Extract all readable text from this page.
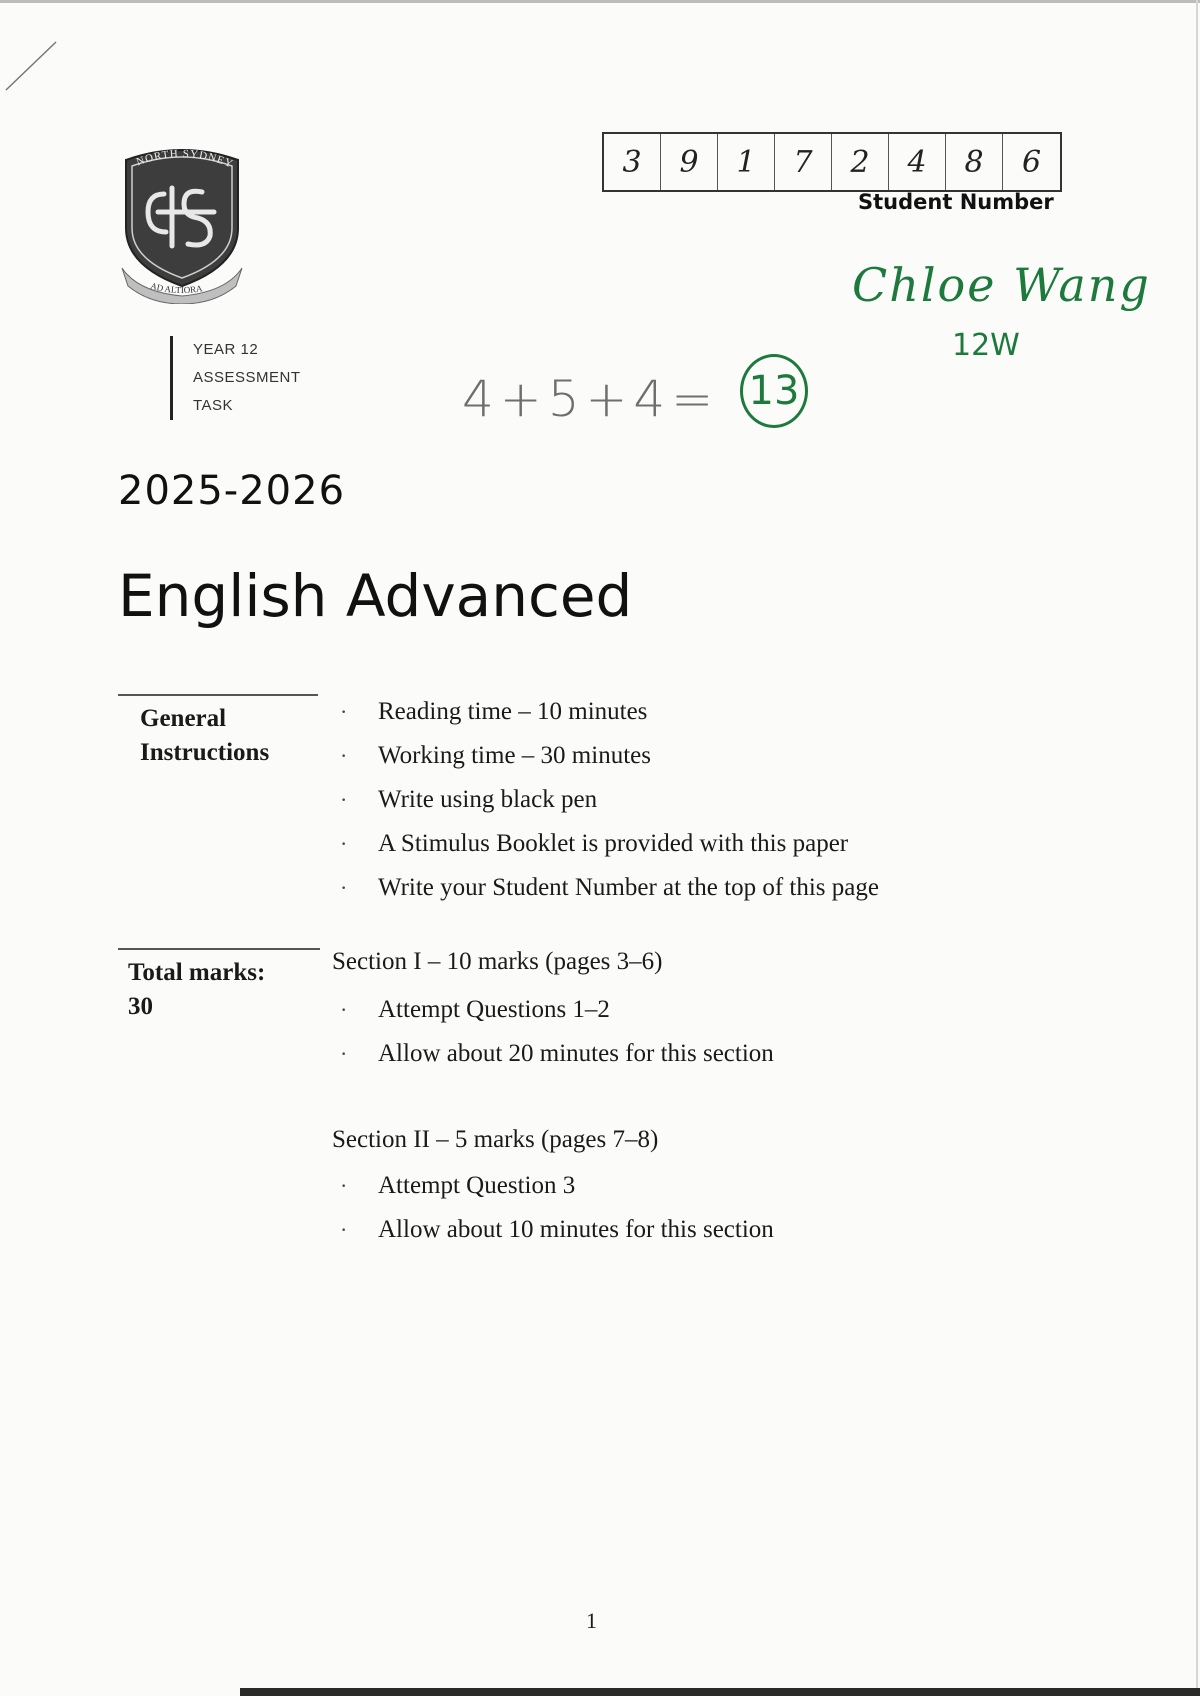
NORTH SYDNEY
AD ALTIORA
YEAR 12
ASSESSMENT
TASK
3	9	1	7	2	4	8	6
Student Number
Chloe Wang
12W
4+5+4= 13
2025-2026
English Advanced
General
Instructions
· Reading time – 10 minutes
· Working time – 30 minutes
· Write using black pen
· A Stimulus Booklet is provided with this paper
· Write your Student Number at the top of this page
Total marks:
30
Section I – 10 marks (pages 3–6)
· Attempt Questions 1–2
· Allow about 20 minutes for this section
Section II – 5 marks (pages 7–8)
· Attempt Question 3
· Allow about 10 minutes for this section
1
